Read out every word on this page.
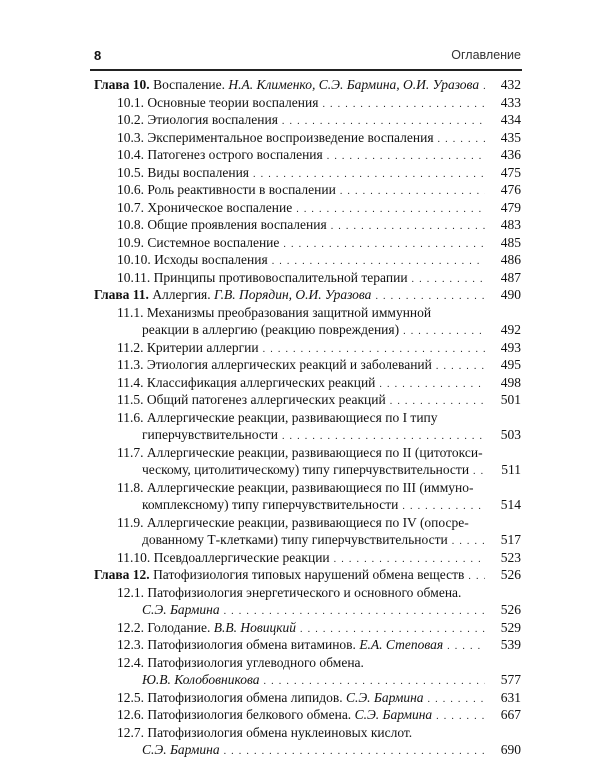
8	Оглавление
Глава 10.
Воспаление.
Н.А. Клименко, С.Э. Бармина, О.И. Уразова . . .	432
10.1. Основные теории воспаления . . .	433
10.2. Этиология воспаления . . .	434
10.3. Экспериментальное воспроизведение воспаления . . .	435
10.4. Патогенез острого воспаления . . .	436
10.5. Виды воспаления . . .	475
10.6. Роль реактивности в воспалении . . .	476
10.7. Хроническое воспаление . . .	479
10.8. Общие проявления воспаления . . .	483
10.9. Системное воспаление . . .	485
10.10. Исходы воспаления . . .	486
10.11. Принципы противовоспалительной терапии . . .	487
Глава 11.
Аллергия.
Г.В. Порядин, О.И. Уразова . . .	490
11.1. Механизмы преобразования защитной иммунной
реакции в аллергию (реакцию повреждения) . . .	492
11.2. Критерии аллергии . . .	493
11.3. Этиология аллергических реакций и заболеваний . . .	495
11.4. Классификация аллергических реакций . . .	498
11.5. Общий патогенез аллергических реакций . . .	501
11.6. Аллергические реакции, развивающиеся по I типу
гиперчувствительности . . .	503
11.7. Аллергические реакции, развивающиеся по II (цитотокси-
ческому, цитолитическому) типу гиперчувствительности . . .	511
11.8. Аллергические реакции, развивающиеся по III (иммуно-
комплексному) типу гиперчувствительности . . .	514
11.9. Аллергические реакции, развивающиеся по IV (опосре-
дованному Т-клетками) типу гиперчувствительности . . .	517
11.10. Псевдоаллергические реакции . . .	523
Глава 12.
Патофизиология типовых нарушений обмена веществ . . .	526
12.1. Патофизиология энергетического и основного обмена.
С.Э. Бармина . . .	526
12.2. Голодание.
В.В. Новицкий . . .	529
12.3. Патофизиология обмена витаминов.
Е.А. Степовая . . .	539
12.4. Патофизиология углеводного обмена.
Ю.В. Колобовникова . . .	577
12.5. Патофизиология обмена липидов.
С.Э. Бармина . . .	631
12.6. Патофизиология белкового обмена.
С.Э. Бармина . . .	667
12.7. Патофизиология обмена нуклеиновых кислот.
С.Э. Бармина . . .	690
